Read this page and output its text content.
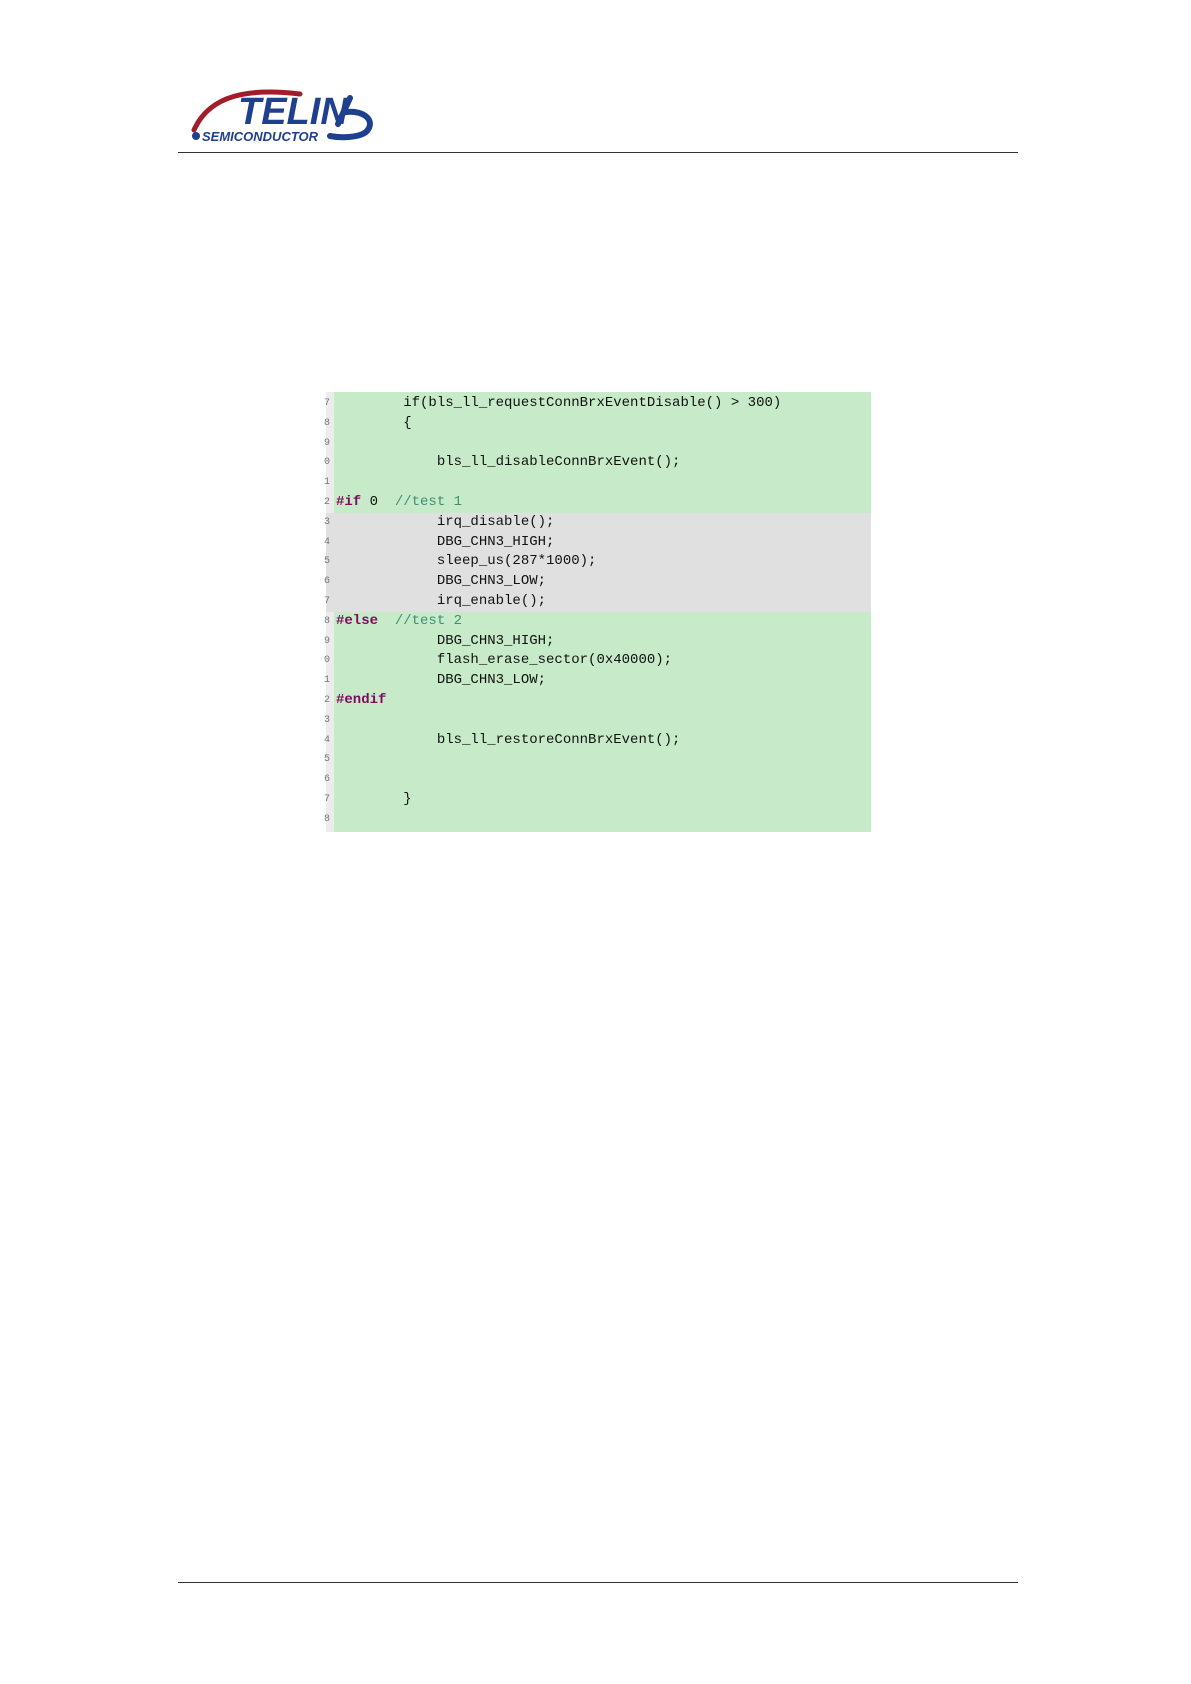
TELIN
SEMICONDUCTOR
7 if(bls_ll_requestConnBrxEventDisable() > 300)
8 {
9
0 bls_ll_disableConnBrxEvent();
1
2 #if 0  //test 1
3 irq_disable();
4 DBG_CHN3_HIGH;
5 sleep_us(287*1000);
6 DBG_CHN3_LOW;
7 irq_enable();
8 #else //test 2
9 DBG_CHN3_HIGH;
0 flash_erase_sector(0x40000);
1 DBG_CHN3_LOW;
2 #endif
3
4 bls_ll_restoreConnBrxEvent();
5
6
7 }
8
